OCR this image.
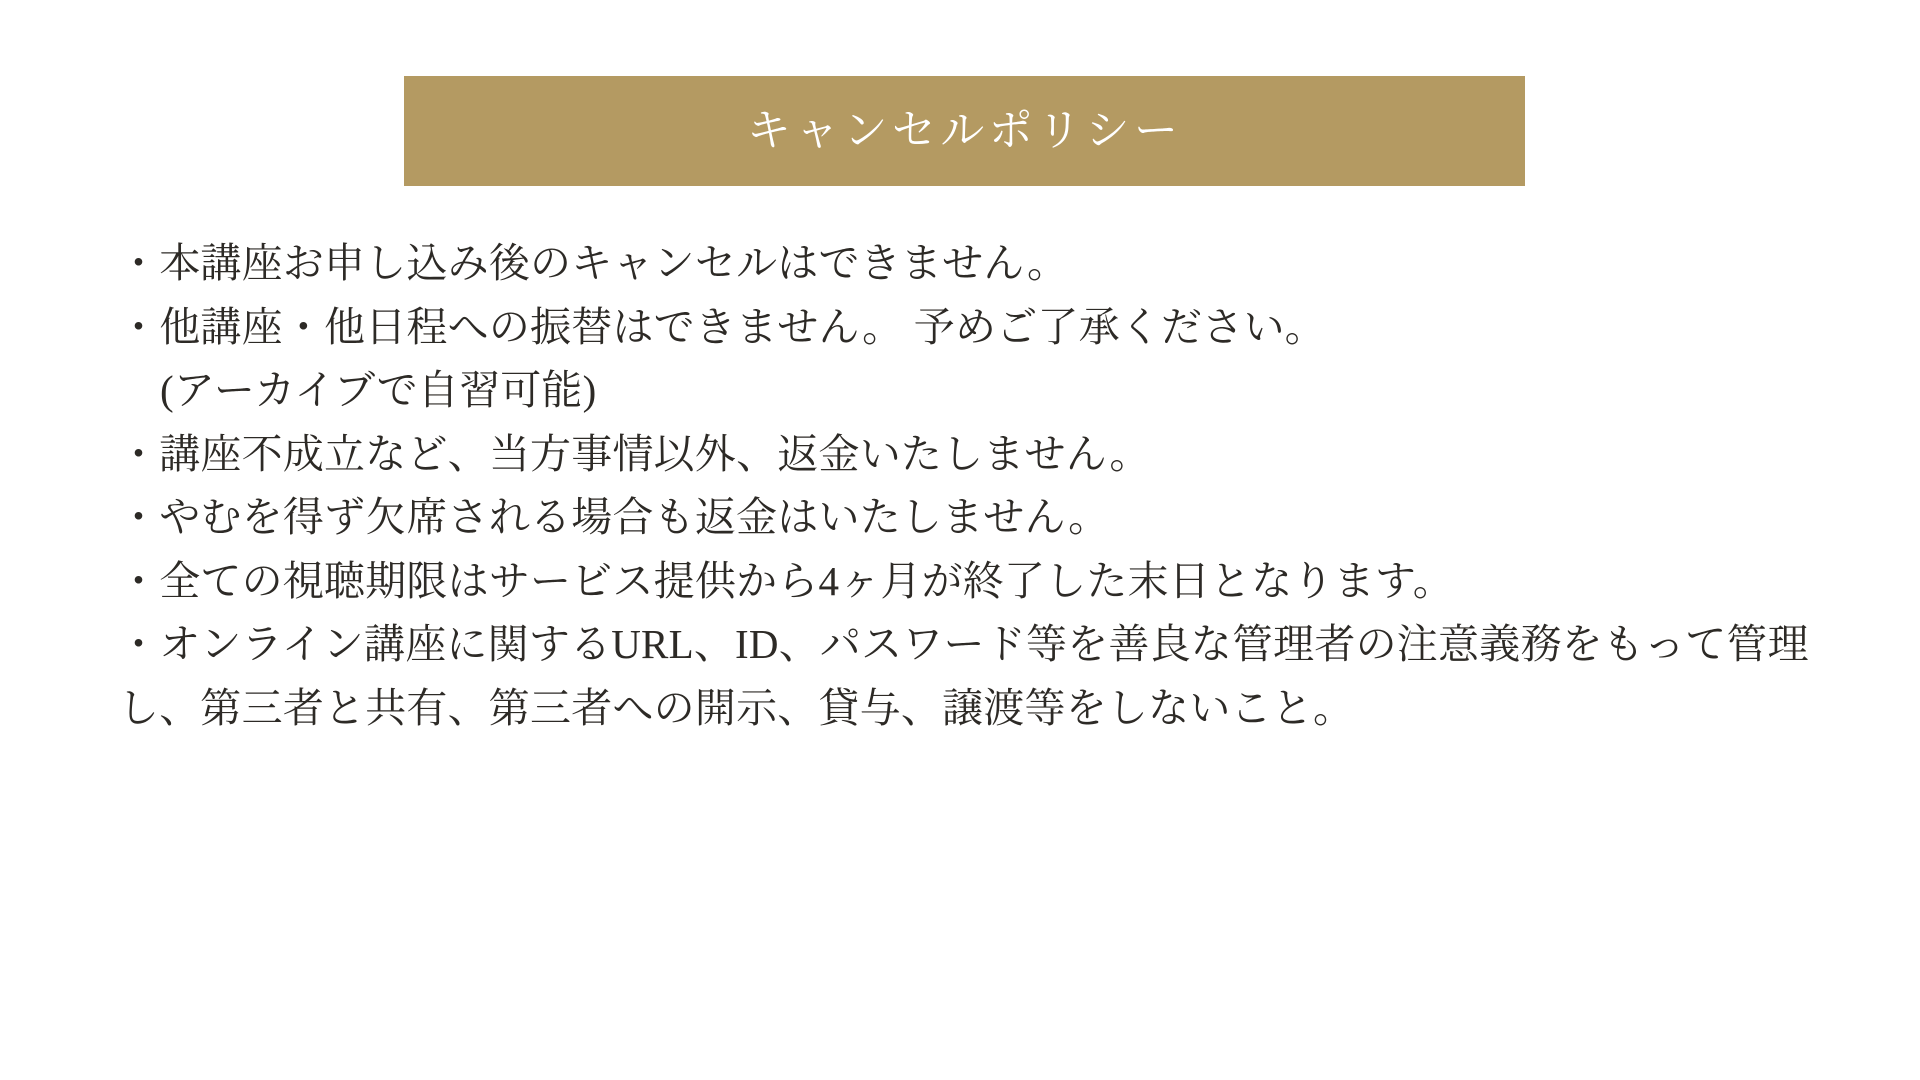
キャンセルポリシー
・本講座お申し込み後のキャンセルはできません。
・他講座・他日程への振替はできません。 予めご了承ください。
(アーカイブで自習可能)
・講座不成立など、当方事情以外、返金いたしません。
・やむを得ず欠席される場合も返金はいたしません。
・全ての視聴期限はサービス提供から4ヶ月が終了した末日となります。
・オンライン講座に関するURL、ID、パスワード等を善良な管理者の注意義務をもって管理し、第三者と共有、第三者への開示、貸与、譲渡等をしないこと。
